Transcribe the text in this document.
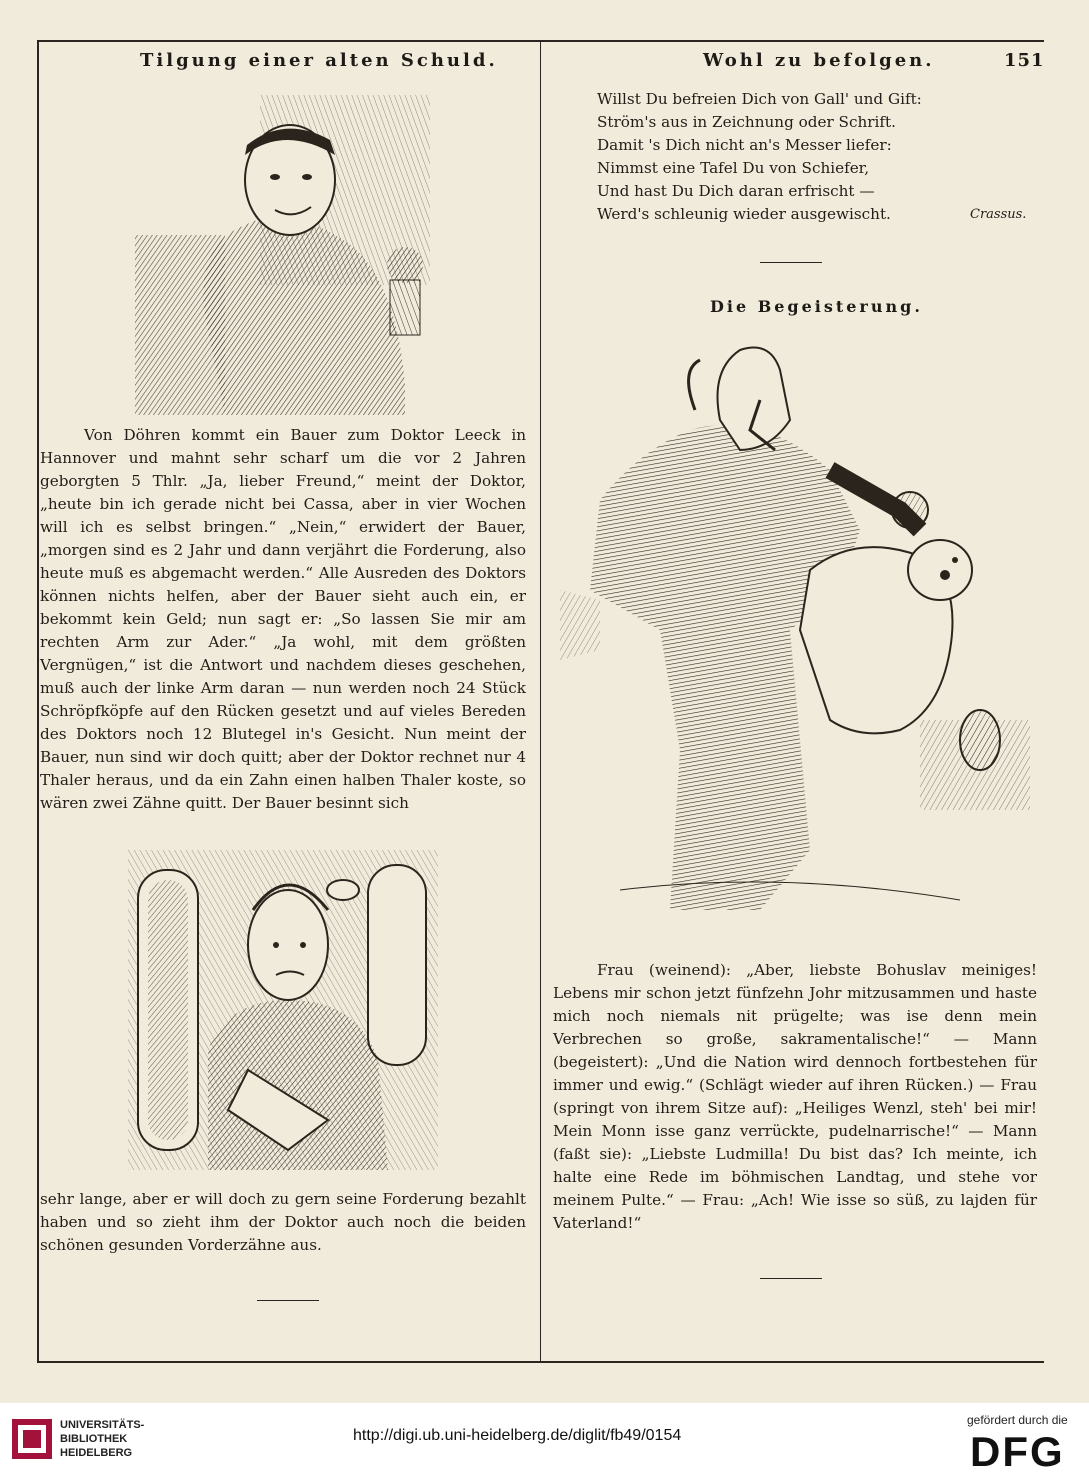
Tilgung einer alten Schuld.	Wohl zu befolgen.	151

Von Döhren kommt ein Bauer zum Doktor Leeck in Hannover und mahnt sehr scharf um die vor 2 Jahren geborgten 5 Thlr. „Ja, lieber Freund,“ meint der Doktor, „heute bin ich gerade nicht bei Cassa, aber in vier Wochen will ich es selbst bringen.“ „Nein,“ erwidert der Bauer, „morgen sind es 2 Jahr und dann verjährt die Forderung, also heute muß es abgemacht werden.“ Alle Ausreden des Doktors können nichts helfen, aber der Bauer sieht auch ein, er bekommt kein Geld; nun sagt er: „So lassen Sie mir am rechten Arm zur Ader.“ „Ja wohl, mit dem größten Vergnügen,“ ist die Antwort und nachdem dieses geschehen, muß auch der linke Arm daran — nun werden noch 24 Stück Schröpfköpfe auf den Rücken gesetzt und auf vieles Bereden des Doktors noch 12 Blutegel in's Gesicht. Nun meint der Bauer, nun sind wir doch quitt; aber der Doktor rechnet nur 4 Thaler heraus, und da ein Zahn einen halben Thaler koste, so wären zwei Zähne quitt. Der Bauer besinnt sich

sehr lange, aber er will doch zu gern seine Forderung bezahlt haben und so zieht ihm der Doktor auch noch die beiden schönen gesunden Vorderzähne aus.

Willst Du befreien Dich von Gall' und Gift:
Ström's aus in Zeichnung oder Schrift.
Damit 's Dich nicht an's Messer liefer:
Nimmst eine Tafel Du von Schiefer,
Und hast Du Dich daran erfrischt —
Werd's schleunig wieder ausgewischt.	Crassus.
Die Begeisterung.

Frau (weinend): „Aber, liebste Bohuslav meiniges! Lebens mir schon jetzt fünfzehn Johr mitzusammen und haste mich noch niemals nit prügelte; was ise denn mein Verbrechen so große, sakramentalische!“ — Mann (begeistert): „Und die Nation wird dennoch fortbestehen für immer und ewig.“ (Schlägt wieder auf ihren Rücken.) — Frau (springt von ihrem Sitze auf): „Heiliges Wenzl, steh' bei mir! Mein Monn isse ganz verrückte, pudelnarrische!“ — Mann (faßt sie): „Liebste Ludmilla! Du bist das? Ich meinte, ich halte eine Rede im böhmischen Landtag, und stehe vor meinem Pulte.“ — Frau: „Ach! Wie isse so süß, zu lajden für Vaterland!“

UNIVERSITÄTS-
BIBLIOTHEK
HEIDELBERG
http://digi.ub.uni-heidelberg.de/diglit/fb49/0154
gefördert durch die
DFG
